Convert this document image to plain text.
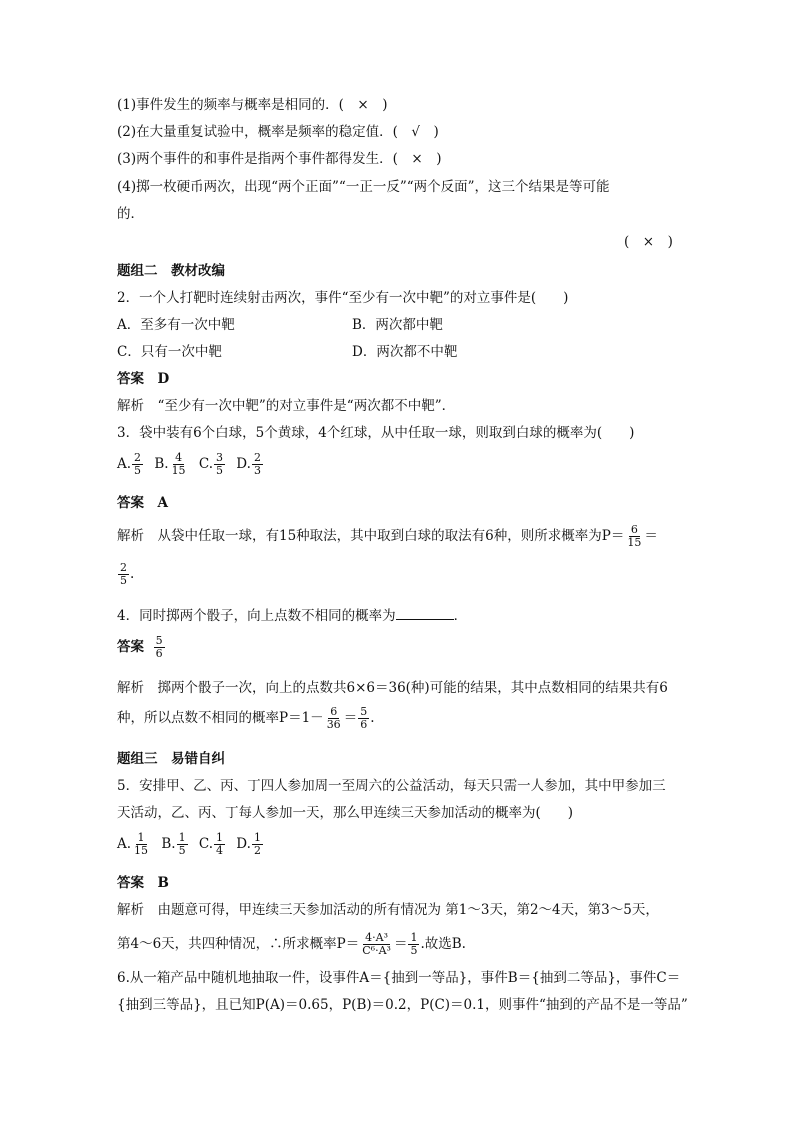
(1)事件发生的频率与概率是相同的．(　×　)
(2)在大量重复试验中，概率是频率的稳定值．(　√　)
(3)两个事件的和事件是指两个事件都得发生．(　×　)
(4)掷一枚硬币两次，出现“两个正面”“一正一反”“两个反面”，这三个结果是等可能
的．
(　×　)
题组二　教材改编
2．一个人打靶时连续射击两次，事件“至少有一次中靶”的对立事件是(　　)
A．至多有一次中靶	B．两次都中靶
C．只有一次中靶	D．两次都不中靶
答案　D
解析　“至少有一次中靶”的对立事件是“两次都不中靶”．
3．袋中装有6个白球，5个黄球，4个红球，从中任取一球，则取到白球的概率为(　　)
A. $\frac{2}{5} B$. $\frac{4}{15} C$. $\frac{3}{5} D$. $\frac{2}{3}$
答案　A
解析　从袋中任取一球，有15种取法，其中取到白球的取法有6种，则所求概率为$P= \frac{6}{15}$ ＝
$\frac{2}{5}$ .
4．同时掷两个骰子，向上点数不相同的概率为	．
答案 $\frac{5}{6}$
解析　掷两个骰子一次，向上的点数共6×6＝36(种)可能的结果，其中点数相同的结果共有6
种，所以点数不相同的概率$P=1- \frac{6}{36} = \frac{5}{6}$ .
题组三　易错自纠
5．安排甲、乙、丙、丁四人参加周一至周六的公益活动，每天只需一人参加，其中甲参加三
天活动，乙、丙、丁每人参加一天，那么甲连续三天参加活动的概率为(　　)
A. $\frac{1}{15} B$. $\frac{1}{5} C$. $\frac{1}{4} D$. $\frac{1}{2}$
答案　B
解析　由题意可得，甲连续三天参加活动的所有情况为 第1～3天，第2～4天，第3～5天，
第4～6天，共四种情况，∴所求概率$P= \frac{\text{4·A³}}{\text{C⁶·A³}} = \frac{1}{5}$ .故选B.
6.从一箱产品中随机地抽取一件，设事件A＝{抽到一等品}，事件B＝{抽到二等品}，事件C＝
{抽到三等品}，且已知P(A)＝0.65，P(B)＝0.2，P(C)＝0.1，则事件“抽到的产品不是一等品”
